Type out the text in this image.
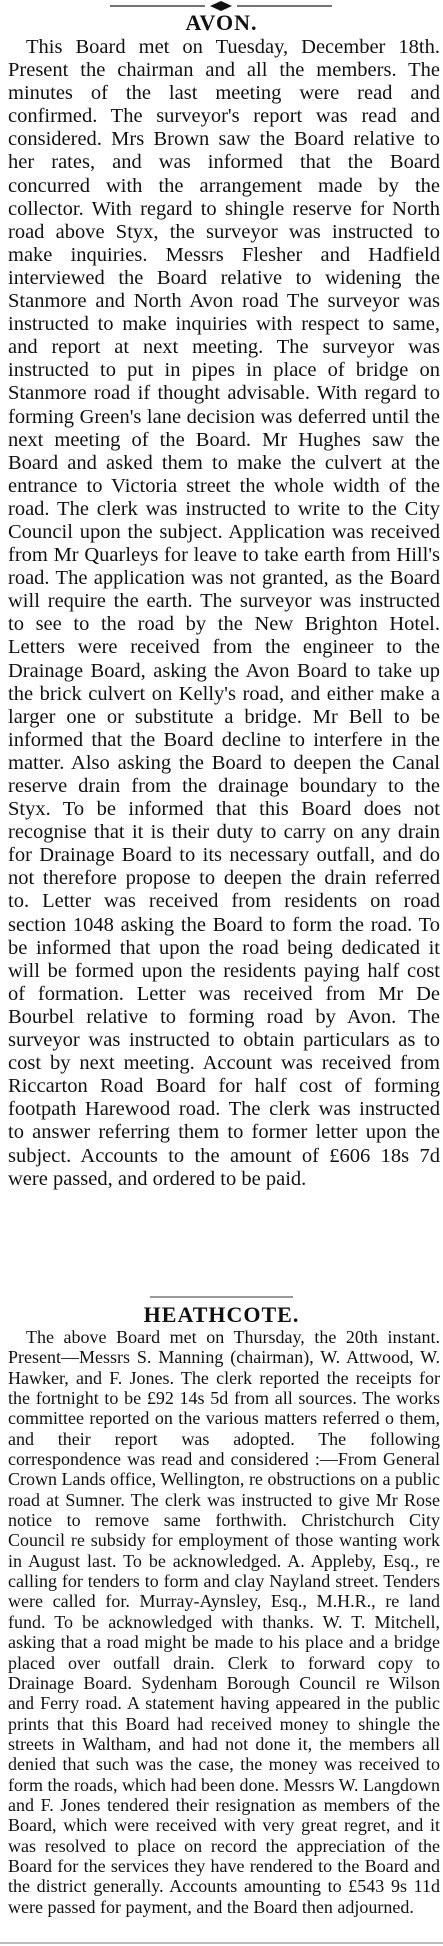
AVON.

This Board met on Tuesday, December 18th. Present the chairman and all the members. The minutes of the last meeting were read and confirmed. The surveyor's report was read and considered. Mrs Brown saw the Board relative to her rates, and was informed that the Board concurred with the arrangement made by the collector. With regard to shingle reserve for North road above Styx, the surveyor was instructed to make inquiries. Messrs Flesher and Hadfield interviewed the Board relative to widening the Stanmore and North Avon road The surveyor was instructed to make inquiries with respect to same, and report at next meeting. The surveyor was instructed to put in pipes in place of bridge on Stanmore road if thought advisable. With regard to forming Green's lane decision was deferred until the next meeting of the Board. Mr Hughes saw the Board and asked them to make the culvert at the entrance to Victoria street the whole width of the road. The clerk was instructed to write to the City Council upon the subject. Application was received from Mr Quarleys for leave to take earth from Hill's road. The application was not granted, as the Board will require the earth. The surveyor was instructed to see to the road by the New Brighton Hotel. Letters were received from the engineer to the Drainage Board, asking the Avon Board to take up the brick culvert on Kelly's road, and either make a larger one or substitute a bridge. Mr Bell to be informed that the Board decline to interfere in the matter. Also asking the Board to deepen the Canal reserve drain from the drainage boundary to the Styx. To be informed that this Board does not recognise that it is their duty to carry on any drain for Drainage Board to its necessary outfall, and do not therefore propose to deepen the drain referred to. Letter was received from residents on road section 1048 asking the Board to form the road. To be informed that upon the road being dedicated it will be formed upon the residents paying half cost of formation. Letter was received from Mr De Bourbel relative to forming road by Avon. The surveyor was instructed to obtain particulars as to cost by next meeting. Account was received from Riccarton Road Board for half cost of forming footpath Harewood road. The clerk was instructed to answer referring them to former letter upon the subject. Accounts to the amount of £606 18s 7d were passed, and ordered to be paid.

HEATHCOTE.

The above Board met on Thursday, the 20th instant. Present—Messrs S. Manning (chairman), W. Attwood, W. Hawker, and F. Jones. The clerk reported the receipts for the fortnight to be £92 14s 5d from all sources. The works committee reported on the various matters referred o them, and their report was adopted. The following correspondence was read and considered :—From General Crown Lands office, Wellington, re obstructions on a public road at Sumner. The clerk was instructed to give Mr Rose notice to remove same forthwith. Christchurch City Council re subsidy for employment of those wanting work in August last. To be acknowledged. A. Appleby, Esq., re calling for tenders to form and clay Nayland street. Tenders were called for. Murray-Aynsley, Esq., M.H.R., re land fund. To be acknowledged with thanks. W. T. Mitchell, asking that a road might be made to his place and a bridge placed over outfall drain. Clerk to forward copy to Drainage Board. Sydenham Borough Council re Wilson and Ferry road. A statement having appeared in the public prints that this Board had received money to shingle the streets in Waltham, and had not done it, the members all denied that such was the case, the money was received to form the roads, which had been done. Messrs W. Langdown and F. Jones tendered their resignation as members of the Board, which were received with very great regret, and it was resolved to place on record the appreciation of the Board for the services they have rendered to the Board and the district generally. Accounts amounting to £543 9s 11d were passed for payment, and the Board then adjourned.
